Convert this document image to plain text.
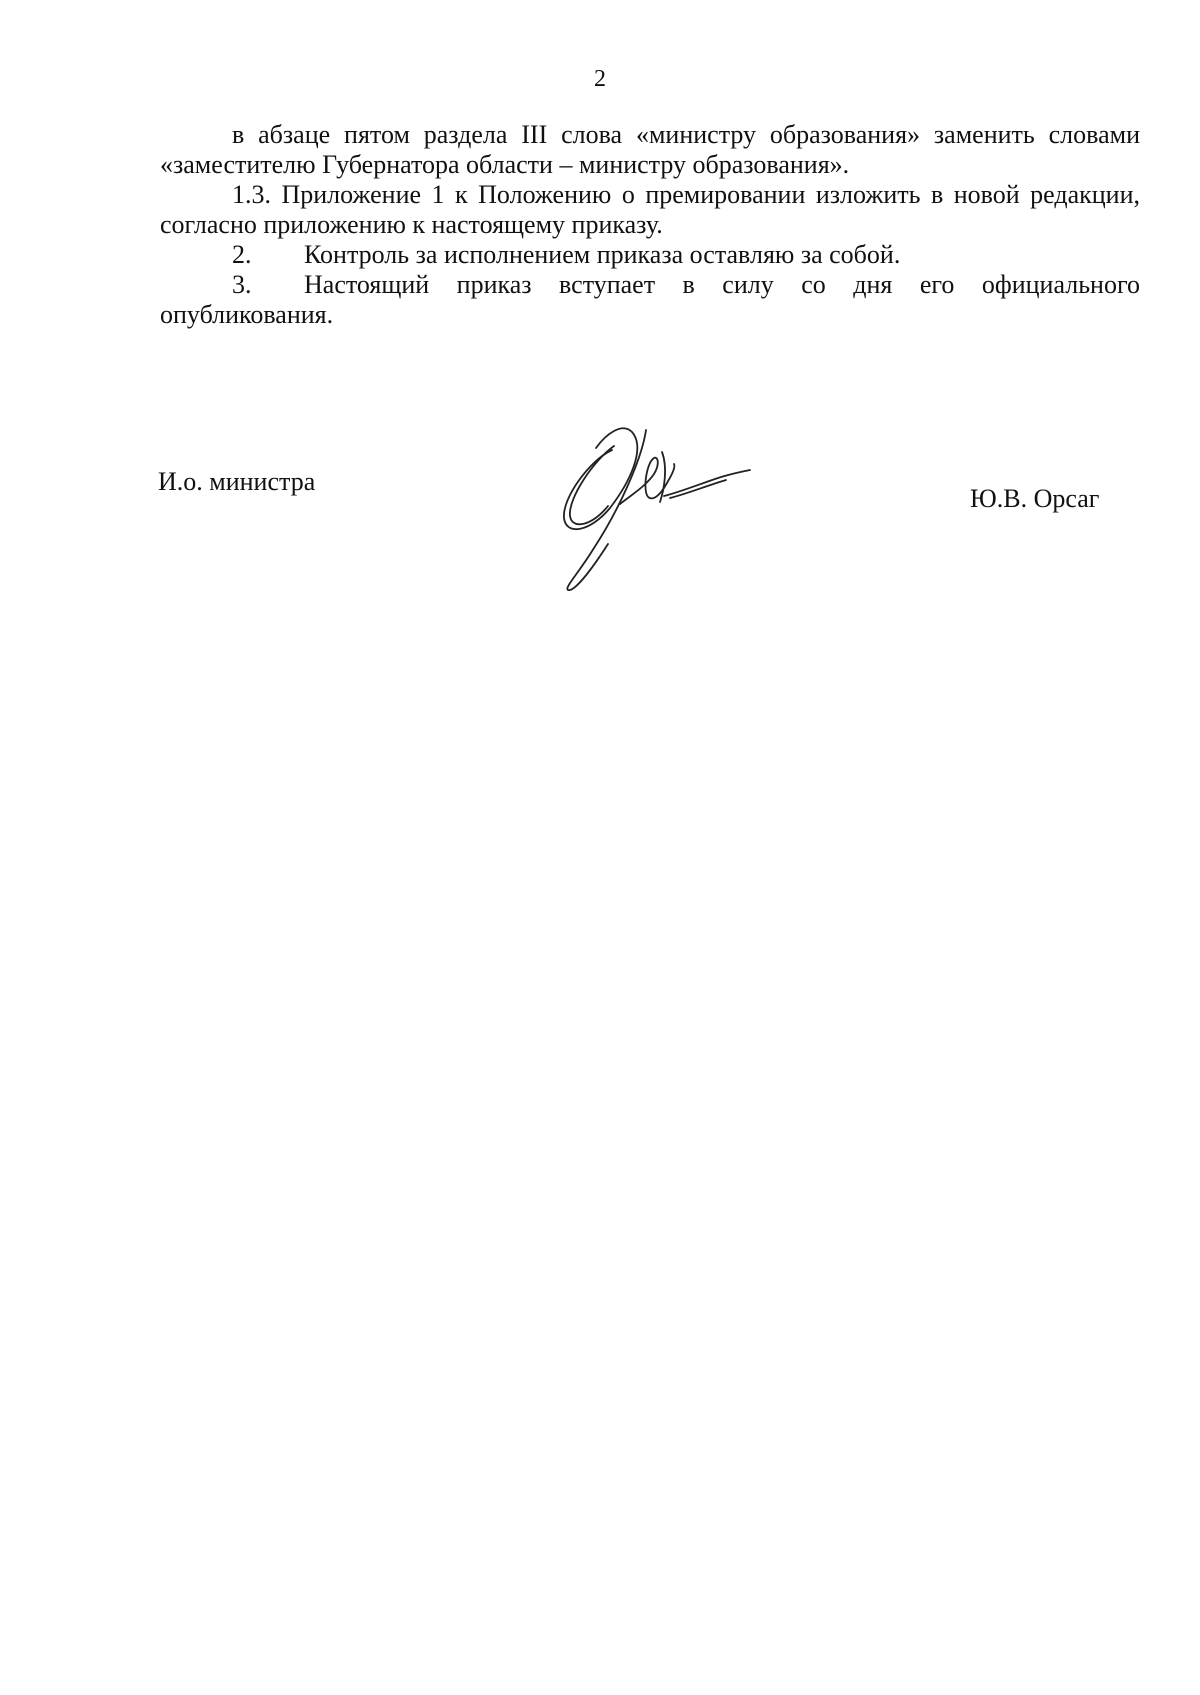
2

в абзаце пятом раздела III слова «министру образования» заменить словами «заместителю Губернатора области – министру образования».

1.3. Приложение 1 к Положению о премировании изложить в новой редакции, согласно приложению к настоящему приказу.

2. Контроль за исполнением приказа оставляю за собой.

3. Настоящий приказ вступает в силу со дня его официального опубликования.

И.о. министра
Ю.В. Орсаг
